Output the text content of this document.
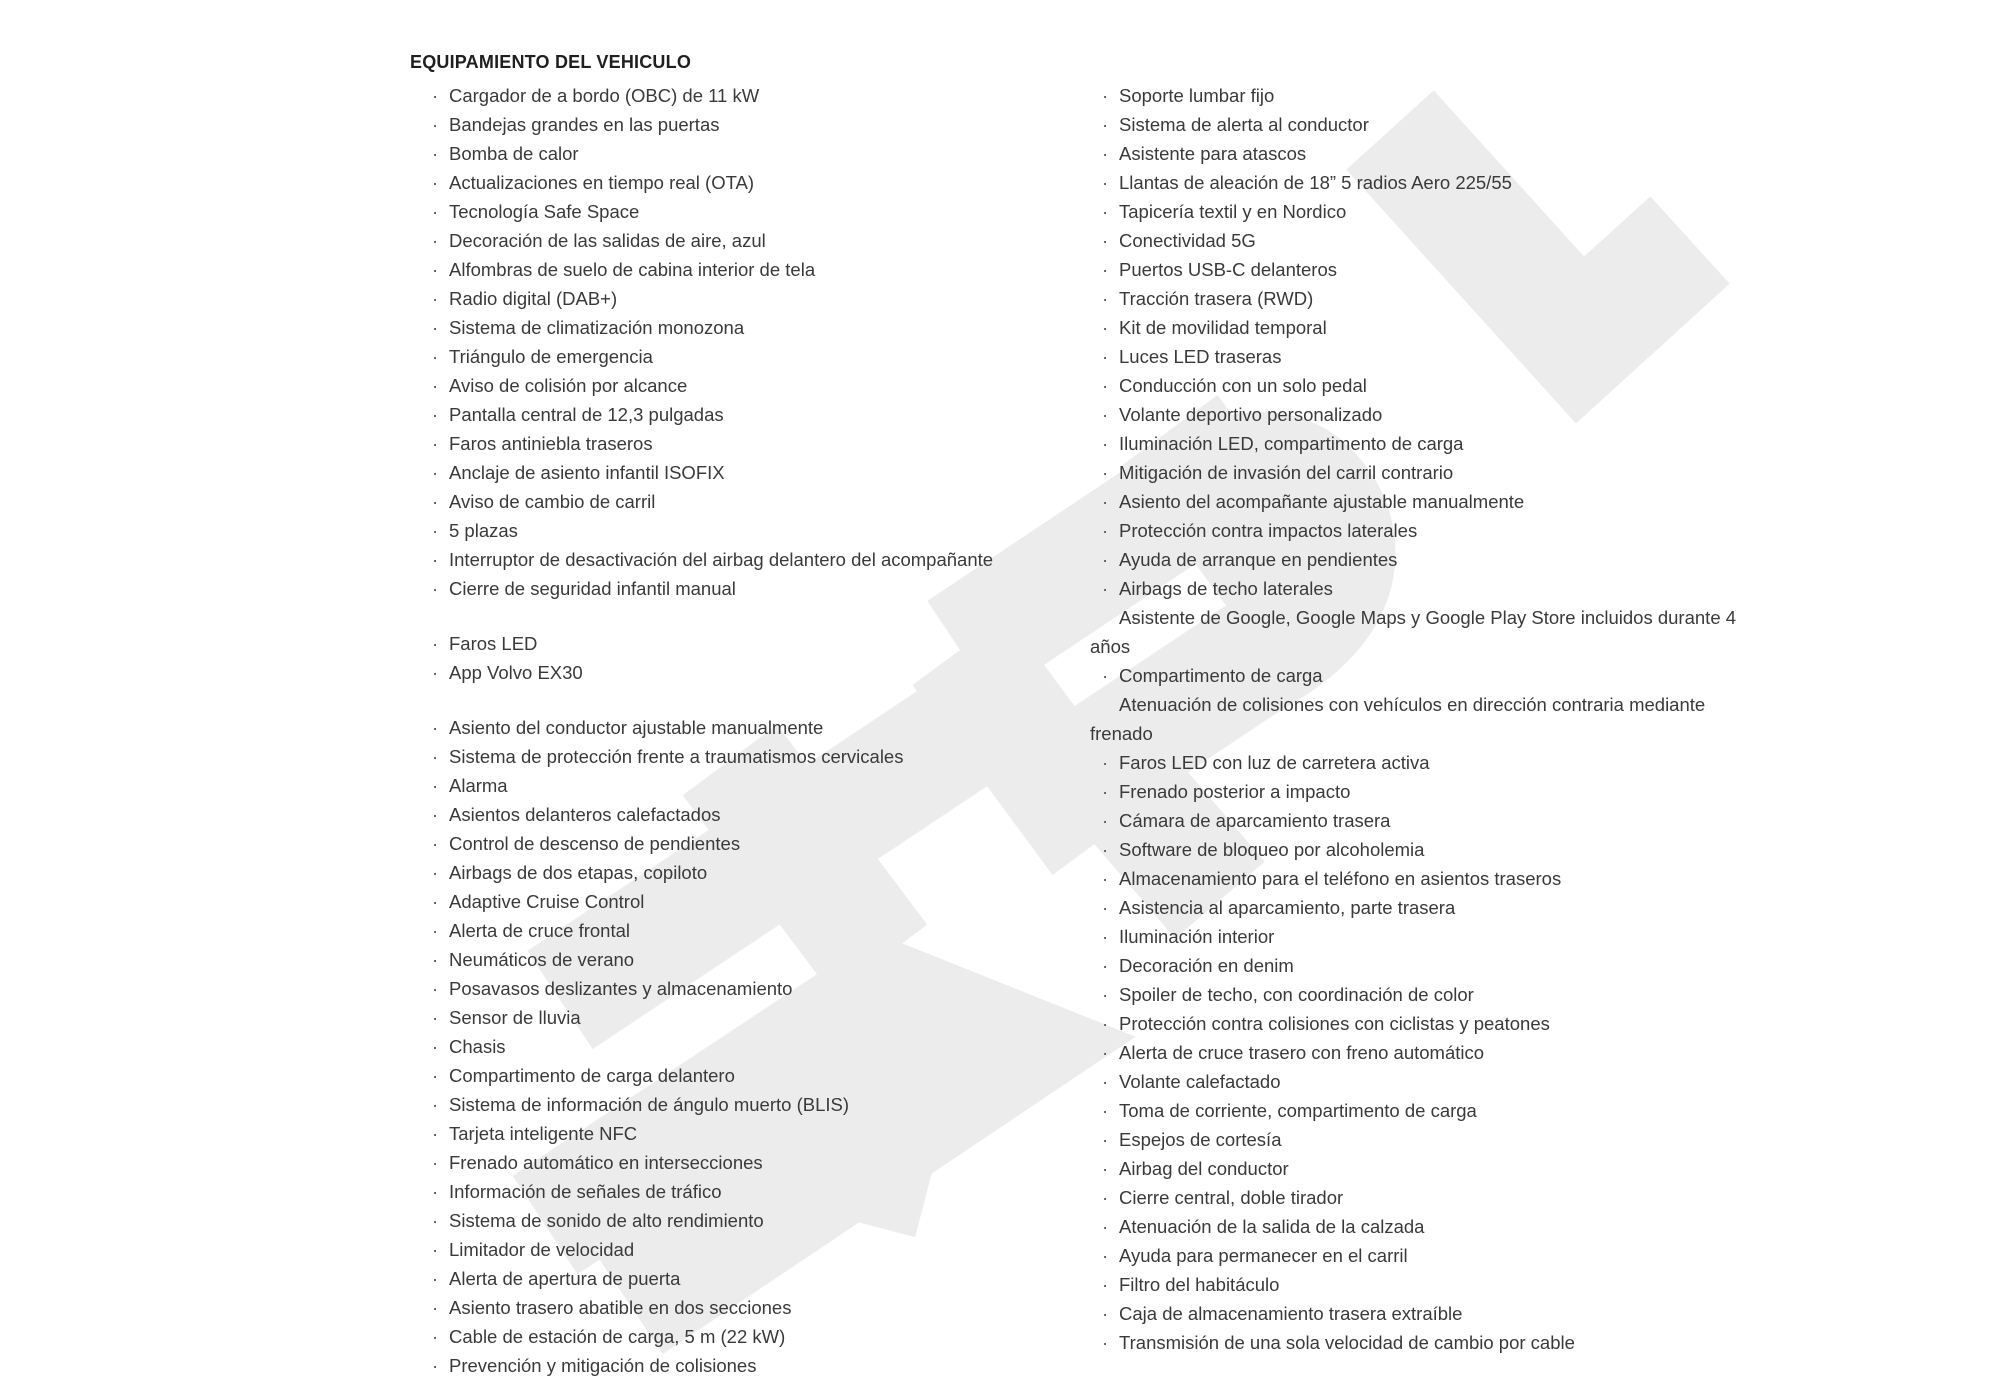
EQUIPAMIENTO DEL VEHICULO
· Cargador de a bordo (OBC) de 11 kW
· Bandejas grandes en las puertas
· Bomba de calor
· Actualizaciones en tiempo real (OTA)
· Tecnología Safe Space
· Decoración de las salidas de aire, azul
· Alfombras de suelo de cabina interior de tela
· Radio digital (DAB+)
· Sistema de climatización monozona
· Triángulo de emergencia
· Aviso de colisión por alcance
· Pantalla central de 12,3 pulgadas
· Faros antiniebla traseros
· Anclaje de asiento infantil ISOFIX
· Aviso de cambio de carril
· 5 plazas
· Interruptor de desactivación del airbag delantero del acompañante
· Cierre de seguridad infantil manual
· Faros LED
· App Volvo EX30
· Asiento del conductor ajustable manualmente
· Sistema de protección frente a traumatismos cervicales
· Alarma
· Asientos delanteros calefactados
· Control de descenso de pendientes
· Airbags de dos etapas, copiloto
· Adaptive Cruise Control
· Alerta de cruce frontal
· Neumáticos de verano
· Posavasos deslizantes y almacenamiento
· Sensor de lluvia
· Chasis
· Compartimento de carga delantero
· Sistema de información de ángulo muerto (BLIS)
· Tarjeta inteligente NFC
· Frenado automático en intersecciones
· Información de señales de tráfico
· Sistema de sonido de alto rendimiento
· Limitador de velocidad
· Alerta de apertura de puerta
· Asiento trasero abatible en dos secciones
· Cable de estación de carga, 5 m (22 kW)
· Prevención y mitigación de colisiones
· Soporte lumbar fijo
· Sistema de alerta al conductor
· Asistente para atascos
· Llantas de aleación de 18” 5 radios Aero 225/55
· Tapicería textil y en Nordico
· Conectividad 5G
· Puertos USB-C delanteros
· Tracción trasera (RWD)
· Kit de movilidad temporal
· Luces LED traseras
· Conducción con un solo pedal
· Volante deportivo personalizado
· Iluminación LED, compartimento de carga
· Mitigación de invasión del carril contrario
· Asiento del acompañante ajustable manualmente
· Protección contra impactos laterales
· Ayuda de arranque en pendientes
· Airbags de techo laterales
· Asistente de Google, Google Maps y Google Play Store incluidos durante 4 años
· Compartimento de carga
· Atenuación de colisiones con vehículos en dirección contraria mediante frenado
· Faros LED con luz de carretera activa
· Frenado posterior a impacto
· Cámara de aparcamiento trasera
· Software de bloqueo por alcoholemia
· Almacenamiento para el teléfono en asientos traseros
· Asistencia al aparcamiento, parte trasera
· Iluminación interior
· Decoración en denim
· Spoiler de techo, con coordinación de color
· Protección contra colisiones con ciclistas y peatones
· Alerta de cruce trasero con freno automático
· Volante calefactado
· Toma de corriente, compartimento de carga
· Espejos de cortesía
· Airbag del conductor
· Cierre central, doble tirador
· Atenuación de la salida de la calzada
· Ayuda para permanecer en el carril
· Filtro del habitáculo
· Caja de almacenamiento trasera extraíble
· Transmisión de una sola velocidad de cambio por cable
